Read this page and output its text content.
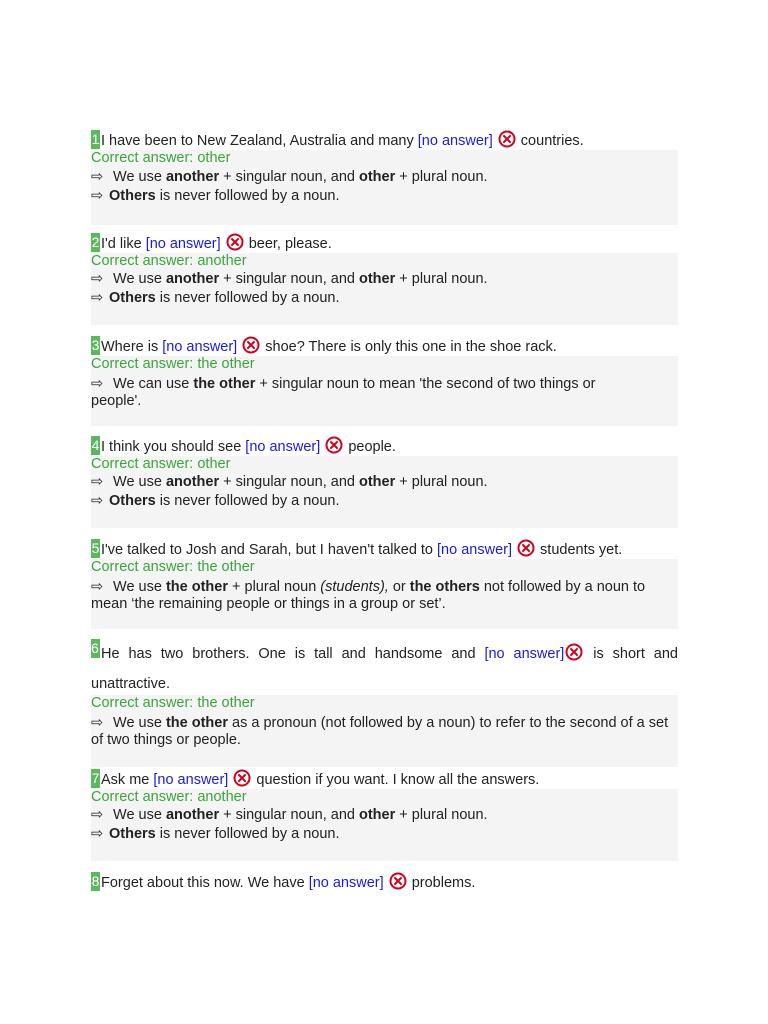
1 I have been to New Zealand, Australia and many [no answer]
countries.
Correct answer: other
⇨ We use another + singular noun, and other + plural noun.
⇨ Others is never followed by a noun.
2 I'd like [no answer]
beer, please.
Correct answer: another
⇨ We use another + singular noun, and other + plural noun.
⇨ Others is never followed by a noun.
3 Where is [no answer]
shoe? There is only this one in the shoe rack.
Correct answer: the other
⇨ We can use the other + singular noun to mean 'the second of two things or people'.
4 I think you should see [no answer]
people.
Correct answer: other
⇨ We use another + singular noun, and other + plural noun.
⇨ Others is never followed by a noun.
5 I've talked to Josh and Sarah, but I haven't talked to [no answer]
students yet.
Correct answer: the other
⇨ We use the other + plural noun (students), or the others not followed by a noun to mean ‘the remaining people or things in a group or set’.
6 He has two brothers. One is tall and handsome and [no answer]
is short and unattractive.
Correct answer: the other
⇨ We use the other as a pronoun (not followed by a noun) to refer to the second of a set of two things or people.
7 Ask me [no answer]
question if you want. I know all the answers.
Correct answer: another
⇨ We use another + singular noun, and other + plural noun.
⇨ Others is never followed by a noun.
8 Forget about this now. We have [no answer]
problems.
